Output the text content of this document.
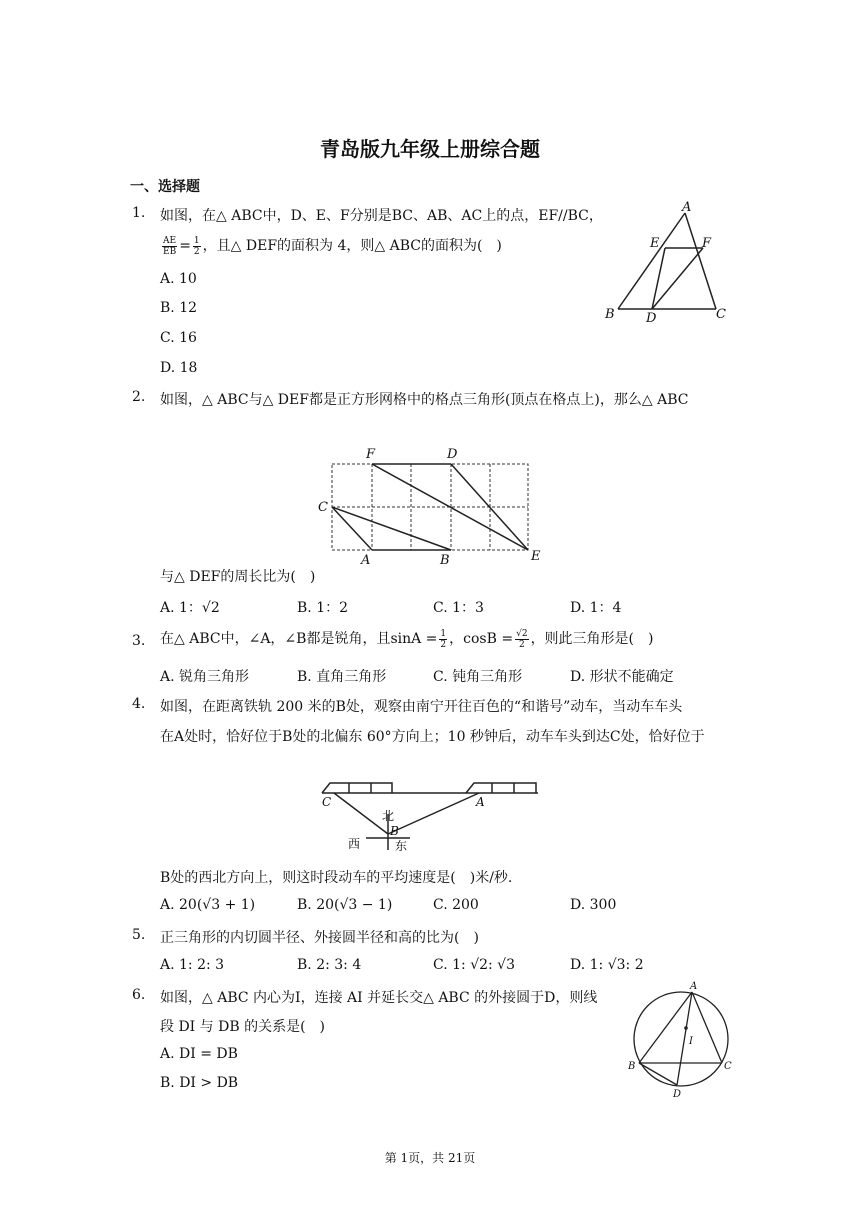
青岛版九年级上册综合题
一、选择题
1. 如图，在△ ABC中，D、E、F分别是BC、AB、AC上的点，EF//BC，
$\frac{AE}{EB} = \frac{1}{2}$ ，且△ DEF的面积为 4，则△ ABC的面积为(　)
A. 10
B. 12
C. 16
D. 18
A
E	F
B D	C
2. 如图，△ ABC与△ DEF都是正方形网格中的格点三角形(顶点在格点上)，那么△ ABC
F	D
C
A	B	E
与△ DEF的周长比为(　)
A. 1：√2	B. 1：2	C. 1：3	D. 1：4
3. 在△ ABC中，∠A，∠B都是锐角，且$\sin A = \frac{1}{2}$ ，$\cos B = \frac{√2}{2}$ ，则此三角形是(　)
A. 锐角三角形	B. 直角三角形	C. 钝角三角形	D. 形状不能确定
4. 如图，在距离铁轨 200 米的B处，观察由南宁开往百色的“和谐号”动车，当动车车头
在A处时，恰好位于B处的北偏东 60°方向上；10 秒钟后，动车车头到达C处，恰好位于
C	A
北
B
西	东
B处的西北方向上，则这时段动车的平均速度是(　)米/秒.
A. 20(√3 + 1)	B. 20(√3 − 1)	C. 200	D. 300
5. 正三角形的内切圆半径、外接圆半径和高的比为(　)
A. 1: 2: 3	B. 2: 3: 4	C. 1: √2: √3	D. 1: √3: 2
6. 如图，△ ABC 内心为I，连接 AI 并延长交△ ABC 的外接圆于D，则线
段 DI 与 DB 的关系是(　)
A. DI = DB
B. DI > DB
A
I
B	C
D
第 1页，共 21页
